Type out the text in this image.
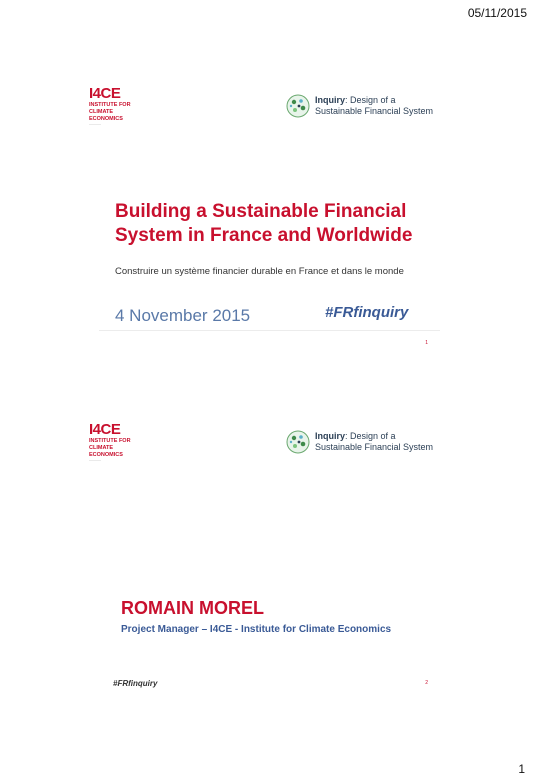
05/11/2015
I4CE
INSTITUTE FOR
CLIMATE
ECONOMICS
————
Inquiry: Design of a
Sustainable Financial System
Building a Sustainable Financial
System in France and Worldwide
Construire un système financier durable en France et dans le monde
4 November 2015	#FRfinquiry
1
I4CE
INSTITUTE FOR
CLIMATE
ECONOMICS
————
Inquiry: Design of a
Sustainable Financial System
ROMAIN MOREL
Project Manager – I4CE - Institute for Climate Economics
#FRfinquiry	2
1
